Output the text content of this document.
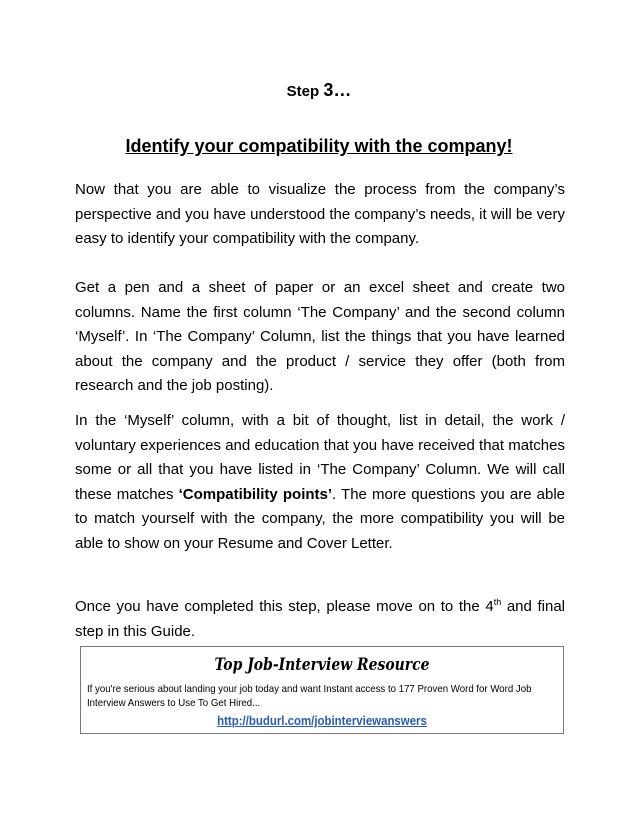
Step 3…
Identify your compatibility with the company!

Now that you are able to visualize the process from the company’s perspective and you have understood the company’s needs, it will be very easy to identify your compatibility with the company.

Get a pen and a sheet of paper or an excel sheet and create two columns. Name the first column ‘The Company’ and the second column ‘Myself’. In ‘The Company’ Column, list the things that you have learned about the company and the product / service they offer (both from research and the job posting).

In the ‘Myself’ column, with a bit of thought, list in detail, the work / voluntary experiences and education that you have received that matches some or all that you have listed in ‘The Company’ Column. We will call these matches ‘Compatibility points’. The more questions you are able to match yourself with the company, the more compatibility you will be able to show on your Resume and Cover Letter.

Once you have completed this step, please move on to the 4th and final step in this Guide.

Top Job-Interview Resource
If you're serious about landing your job today and want Instant access to 177 Proven Word for Word Job Interview Answers to Use To Get Hired...
http://budurl.com/jobinterviewanswers
